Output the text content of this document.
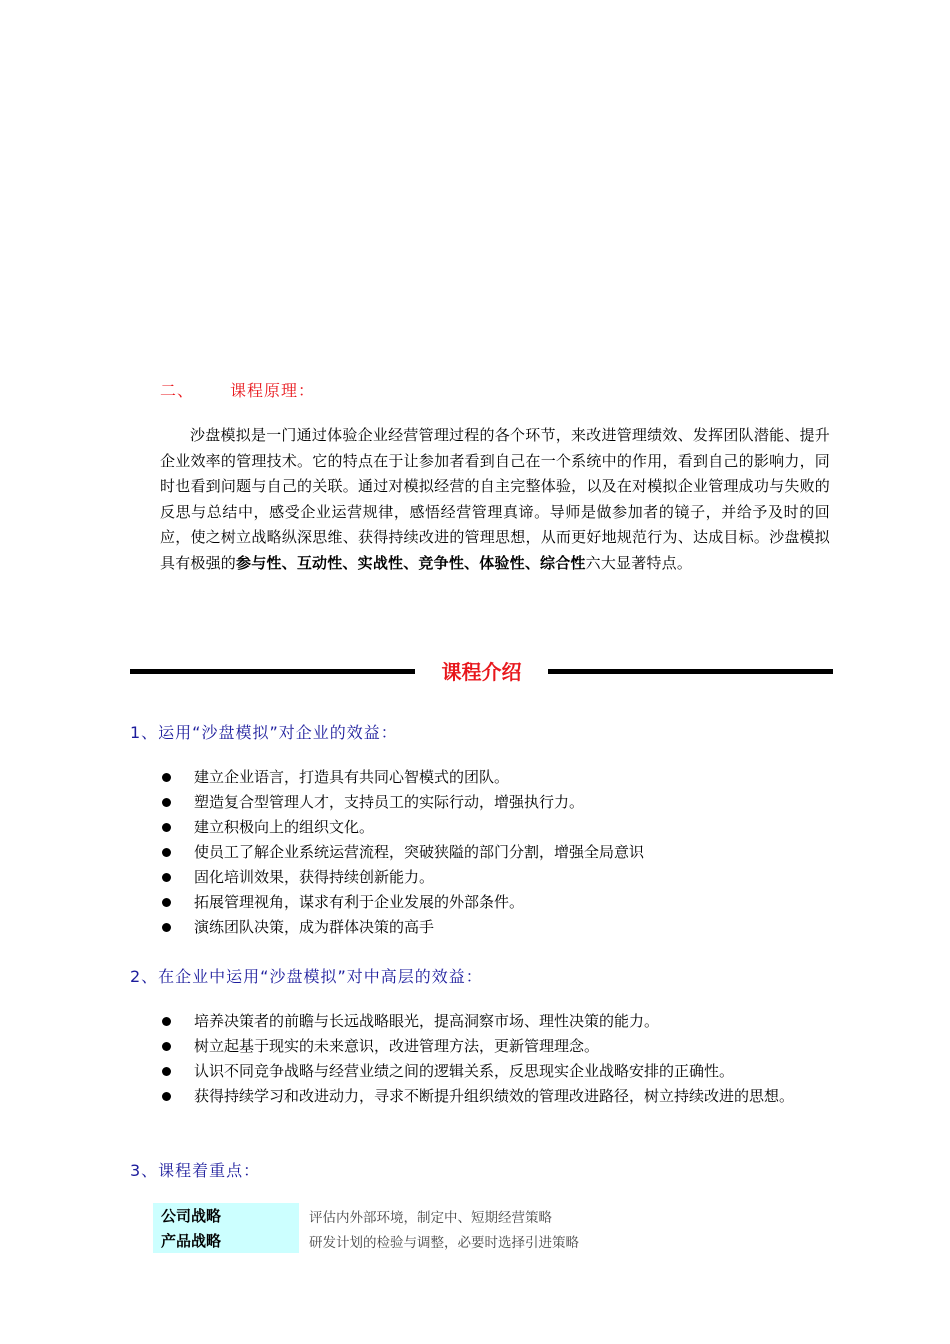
二、 课程原理：

沙盘模拟是一门通过体验企业经营管理过程的各个环节，来改进管理绩效、发挥团队潜能、提升企业效率的管理技术。它的特点在于让参加者看到自己在一个系统中的作用，看到自己的影响力，同时也看到问题与自己的关联。通过对模拟经营的自主完整体验，以及在对模拟企业管理成功与失败的反思与总结中，感受企业运营规律，感悟经营管理真谛。导师是做参加者的镜子，并给予及时的回应，使之树立战略纵深思维、获得持续改进的管理思想，从而更好地规范行为、达成目标。沙盘模拟具有极强的参与性、互动性、实战性、竞争性、体验性、综合性六大显著特点。

课程介绍
1、运用“沙盘模拟”对企业的效益：
建立企业语言，打造具有共同心智模式的团队。
塑造复合型管理人才，支持员工的实际行动，增强执行力。
建立积极向上的组织文化。
使员工了解企业系统运营流程，突破狭隘的部门分割，增强全局意识
固化培训效果，获得持续创新能力。
拓展管理视角，谋求有利于企业发展的外部条件。
演练团队决策，成为群体决策的高手
2、在企业中运用“沙盘模拟”对中高层的效益：
培养决策者的前瞻与长远战略眼光，提高洞察市场、理性决策的能力。
树立起基于现实的未来意识，改进管理方法，更新管理理念。
认识不同竞争战略与经营业绩之间的逻辑关系，反思现实企业战略安排的正确性。
获得持续学习和改进动力，寻求不断提升组织绩效的管理改进路径，树立持续改进的思想。
3、课程着重点：
公司战略	评估内外部环境，制定中、短期经营策略
产品战略	研发计划的检验与调整，必要时选择引进策略
